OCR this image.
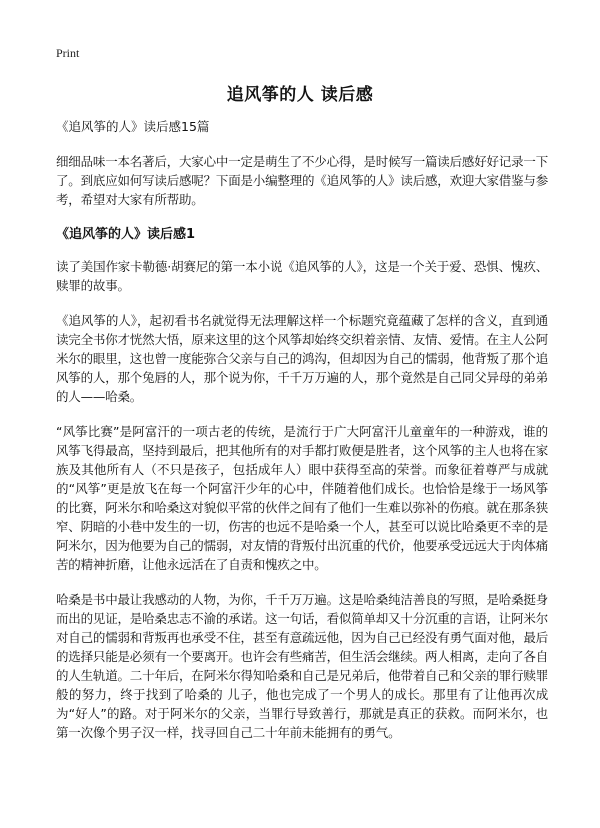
Print
追风筝的人 读后感
《追风筝的人》读后感15篇

细细品味一本名著后，大家心中一定是萌生了不少心得，是时候写一篇读后感好好记录一下了。到底应如何写读后感呢？下面是小编整理的《追风筝的人》读后感，欢迎大家借鉴与参考，希望对大家有所帮助。

《追风筝的人》读后感1

读了美国作家卡勒德·胡赛尼的第一本小说《追风筝的人》，这是一个关于爱、恐惧、愧疚、赎罪的故事。

《追风筝的人》，起初看书名就觉得无法理解这样一个标题究竟蕴藏了怎样的含义，直到通读完全书你才恍然大悟，原来这里的这个风筝却始终交织着亲情、友情、爱情。在主人公阿米尔的眼里，这也曾一度能弥合父亲与自己的鸿沟，但却因为自己的懦弱，他背叛了那个追风筝的人，那个兔唇的人，那个说为你，千千万万遍的人，那个竟然是自己同父异母的弟弟的人——哈桑。

“风筝比赛”是阿富汗的一项古老的传统，是流行于广大阿富汗儿童童年的一种游戏，谁的风筝飞得最高，坚持到最后，把其他所有的对手都打败便是胜者，这个风筝的主人也将在家族及其他所有人（不只是孩子，包括成年人）眼中获得至高的荣誉。而象征着尊严与成就的“风筝”更是放飞在每一个阿富汗少年的心中，伴随着他们成长。也恰恰是缘于一场风筝的比赛，阿米尔和哈桑这对貌似平常的伙伴之间有了他们一生难以弥补的伤痕。就在那条狭窄、阴暗的小巷中发生的一切，伤害的也远不是哈桑一个人，甚至可以说比哈桑更不幸的是阿米尔，因为他要为自己的懦弱，对友情的背叛付出沉重的代价，他要承受远远大于肉体痛苦的精神折磨，让他永远活在了自责和愧疚之中。

哈桑是书中最让我感动的人物，为你，千千万万遍。这是哈桑纯洁善良的写照，是哈桑挺身而出的见证，是哈桑忠志不渝的承诺。这一句话，看似简单却又十分沉重的言语，让阿米尔对自己的懦弱和背叛再也承受不住，甚至有意疏远他，因为自己已经没有勇气面对他，最后的选择只能是必须有一个要离开。也许会有些痛苦，但生活会继续。两人相离，走向了各自的人生轨道。二十年后，在阿米尔得知哈桑和自己是兄弟后，他带着自己和父亲的罪行赎罪般的努力，终于找到了哈桑的 儿子，他也完成了一个男人的成长。那里有了让他再次成为“好人”的路。对于阿米尔的父亲，当罪行导致善行，那就是真正的获救。而阿米尔，也第一次像个男子汉一样，找寻回自己二十年前未能拥有的勇气。
